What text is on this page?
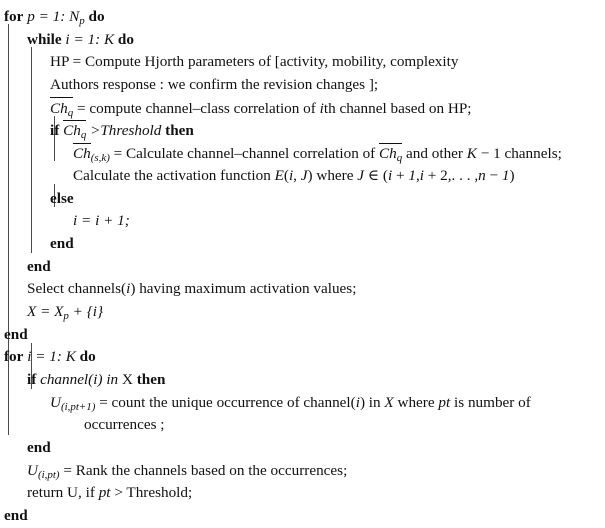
for p = 1: $N_p$ do
while i = 1: K do
HP = Compute Hjorth parameters of [activity, mobility, complexity
Authors response : we confirm the revision changes ];
$Ch_q$ = compute channel–class correlation of ith channel based on HP;
if $Ch_q$ >Threshold then
$Ch_{(s,k)}$ = Calculate channel–channel correlation of $Ch_q$ and other K − 1 channels;
Calculate the activation function E(i, J) where J ∈ (i + 1,i + 2,. . . ,n − 1)
else
i = i + 1;
end
end
Select channels(i) having maximum activation values;
$X = X_p + \{i\}$
end
for i = 1: K do
if channel(i) in X then
$U_{(i,pt+1)}$ = count the unique occurrence of channel(i) in X where pt is number of
occurrences ;
end
$U_{(i,pt)}$ = Rank the channels based on the occurrences;
return U, if pt > Threshold;
end
